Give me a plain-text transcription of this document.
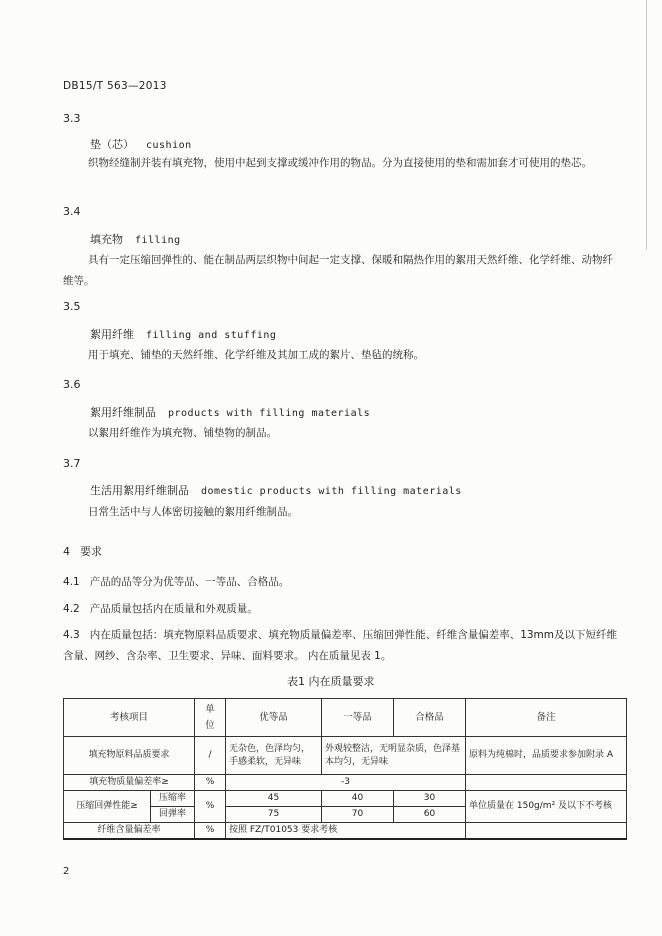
DB15/T 563—2013
3.3
垫（芯） cushion
织物经缝制并装有填充物，使用中起到支撑或缓冲作用的物品。分为直接使用的垫和需加套才可使用的垫芯。
3.4
填充物 filling
具有一定压缩回弹性的、能在制品两层织物中间起一定支撑、保暖和隔热作用的絮用天然纤维、化学纤维、动物纤维等。
3.5
絮用纤维 filling and stuffing
用于填充、铺垫的天然纤维、化学纤维及其加工成的絮片、垫毡的统称。
3.6
絮用纤维制品 products with filling materials
以絮用纤维作为填充物、铺垫物的制品。
3.7
生活用絮用纤维制品 domestic products with filling materials
日常生活中与人体密切接触的絮用纤维制品。
4 要求
4.1 产品的品等分为优等品、一等品、合格品。
4.2 产品质量包括内在质量和外观质量。
4.3 内在质量包括：填充物原料品质要求、填充物质量偏差率、压缩回弹性能、纤维含量偏差率、13mm及以下短纤维含量、网纱、含杂率、卫生要求、异味、面料要求。 内在质量见表 1。
表1 内在质量要求
考核项目		单位	优等品	一等品	合格品	备注
填充物原料品质要求		/	无杂色，色泽均匀，手感柔软，无异味	外观较整洁，无明显杂质，色泽基本均匀，无异味		原料为纯棉时，品质要求参加附录 A
填充物质量偏差率≥		%	-3			
压缩回弹性能≥	压缩率	%	45	40	30	单位质量在 150g/m² 及以下不考核
	回弹率		75	70	60	
纤维含量偏差率		%	按照 FZ/T01053 要求考核			
2
